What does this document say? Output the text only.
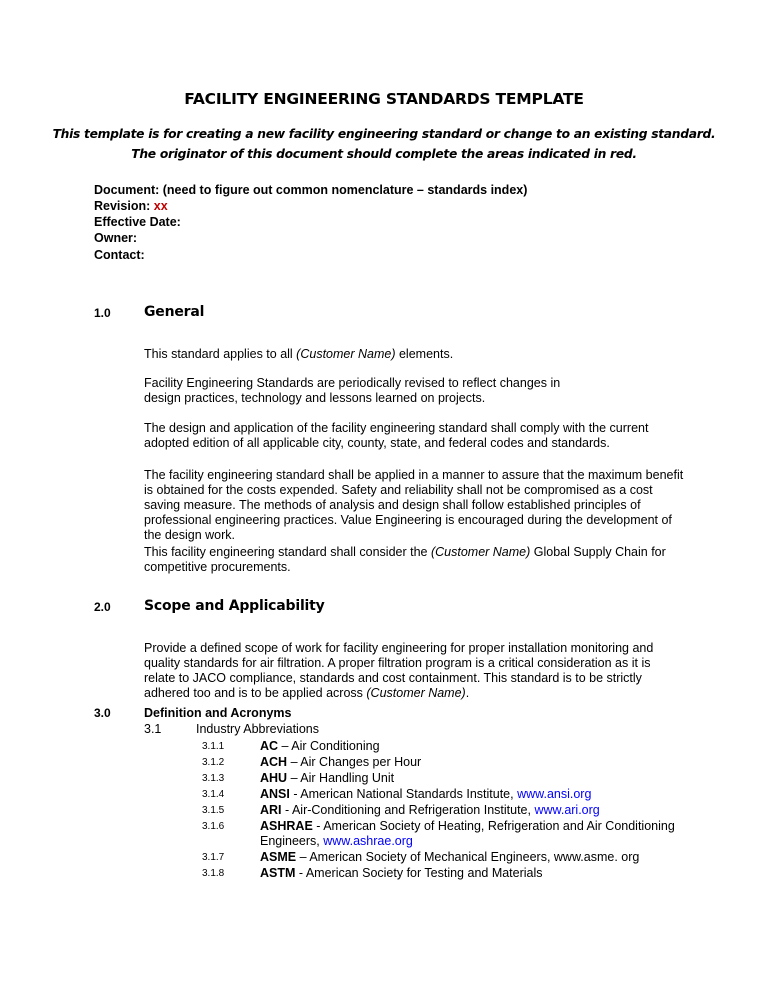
FACILITY ENGINEERING STANDARDS TEMPLATE
This template is for creating a new facility engineering standard or change to an existing standard.
The originator of this document should complete the areas indicated in red.
Document: (need to figure out common nomenclature – standards index)
Revision: xx
Effective Date:
Owner:
Contact:
1.0 General
This standard applies to all (Customer Name) elements.
Facility Engineering Standards are periodically revised to reflect changes in
design practices, technology and lessons learned on projects.
The design and application of the facility engineering standard shall comply with the current adopted edition of all applicable city, county, state, and federal codes and standards.
The facility engineering standard shall be applied in a manner to assure that the maximum benefit is obtained for the costs expended. Safety and reliability shall not be compromised as a cost saving measure. The methods of analysis and design shall follow established principles of professional engineering practices. Value Engineering is encouraged during the development of the design work.
This facility engineering standard shall consider the (Customer Name) Global Supply Chain for competitive procurements.
2.0 Scope and Applicability
Provide a defined scope of work for facility engineering for proper installation monitoring and quality standards for air filtration. A proper filtration program is a critical consideration as it is relate to JACO compliance, standards and cost containment. This standard is to be strictly adhered too and is to be applied across (Customer Name).
3.0	Definition and Acronyms
3.1	Industry Abbreviations
3.1.1	AC – Air Conditioning
3.1.2	ACH – Air Changes per Hour
3.1.3	AHU – Air Handling Unit
3.1.4	ANSI - American National Standards Institute, www.ansi.org
3.1.5	ARI - Air-Conditioning and Refrigeration Institute, www.ari.org
3.1.6	ASHRAE - American Society of Heating, Refrigeration and Air Conditioning Engineers, www.ashrae.org
3.1.7	ASME – American Society of Mechanical Engineers, www.asme. org
3.1.8	ASTM - American Society for Testing and Materials
